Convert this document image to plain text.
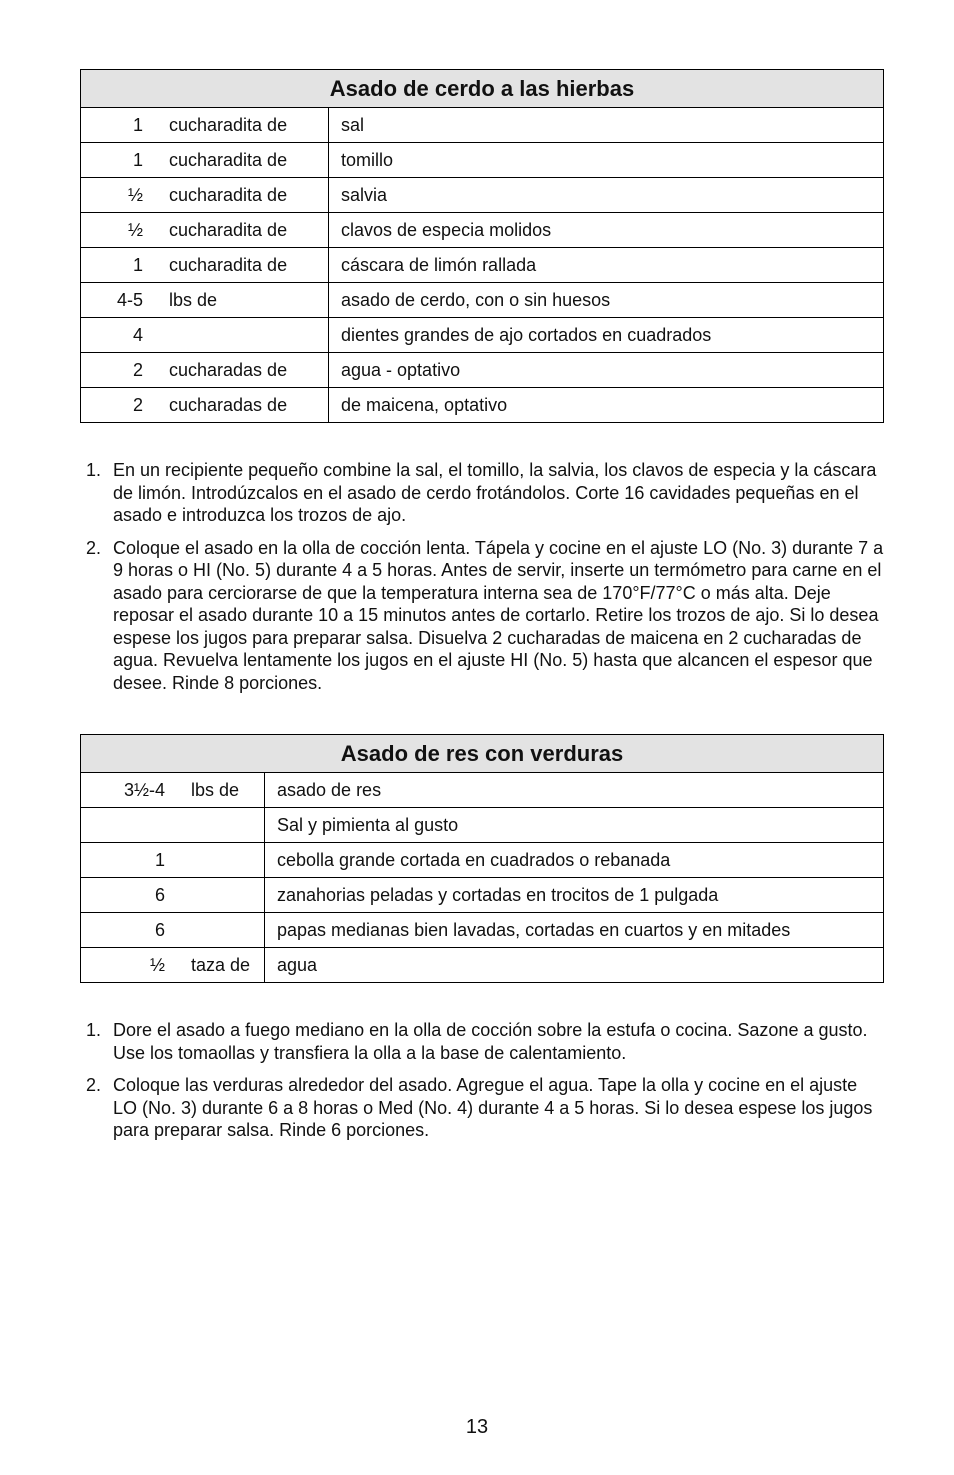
Asado de cerdo a las hierbas	
1 cucharadita de	sal
1 cucharadita de	tomillo
½ cucharadita de	salvia
½ cucharadita de	clavos de especia molidos
1 cucharadita de	cáscara de limón rallada
4-5 lbs de	asado de cerdo, con o sin huesos
4	dientes grandes de ajo cortados en cuadrados
2 cucharadas de	agua - optativo
2 cucharadas de	de maicena, optativo
1. En un recipiente pequeño combine la sal, el tomillo, la salvia, los clavos de especia y la cáscara de limón. Introdúzcalos en el asado de cerdo frotándolos. Corte 16 cavidades pequeñas en el asado e introduzca los trozos de ajo.
2. Coloque el asado en la olla de cocción lenta. Tápela y cocine en el ajuste LO (No. 3) durante 7 a 9 horas o HI (No. 5) durante 4 a 5 horas. Antes de servir, inserte un termómetro para carne en el asado para cerciorarse de que la temperatura interna sea de 170°F/77°C o más alta. Deje reposar el asado durante 10 a 15 minutos antes de cortarlo. Retire los trozos de ajo. Si lo desea espese los jugos para preparar salsa. Disuelva 2 cucharadas de maicena en 2 cucharadas de agua. Revuelva lentamente los jugos en el ajuste HI (No. 5) hasta que alcancen el espesor que desee. Rinde 8 porciones.
Asado de res con verduras	
3½-4 lbs de	asado de res
	Sal y pimienta al gusto
1	cebolla grande cortada en cuadrados o rebanada
6	zanahorias peladas y cortadas en trocitos de 1 pulgada
6	papas medianas bien lavadas, cortadas en cuartos y en mitades
½ taza de	agua
1. Dore el asado a fuego mediano en la olla de cocción sobre la estufa o cocina. Sazone a gusto. Use los tomaollas y transfiera la olla a la base de calentamiento.
2. Coloque las verduras alrededor del asado. Agregue el agua. Tape la olla y cocine en el ajuste LO (No. 3) durante 6 a 8 horas o Med (No. 4) durante 4 a 5 horas. Si lo desea espese los jugos para preparar salsa. Rinde 6 porciones.
13
